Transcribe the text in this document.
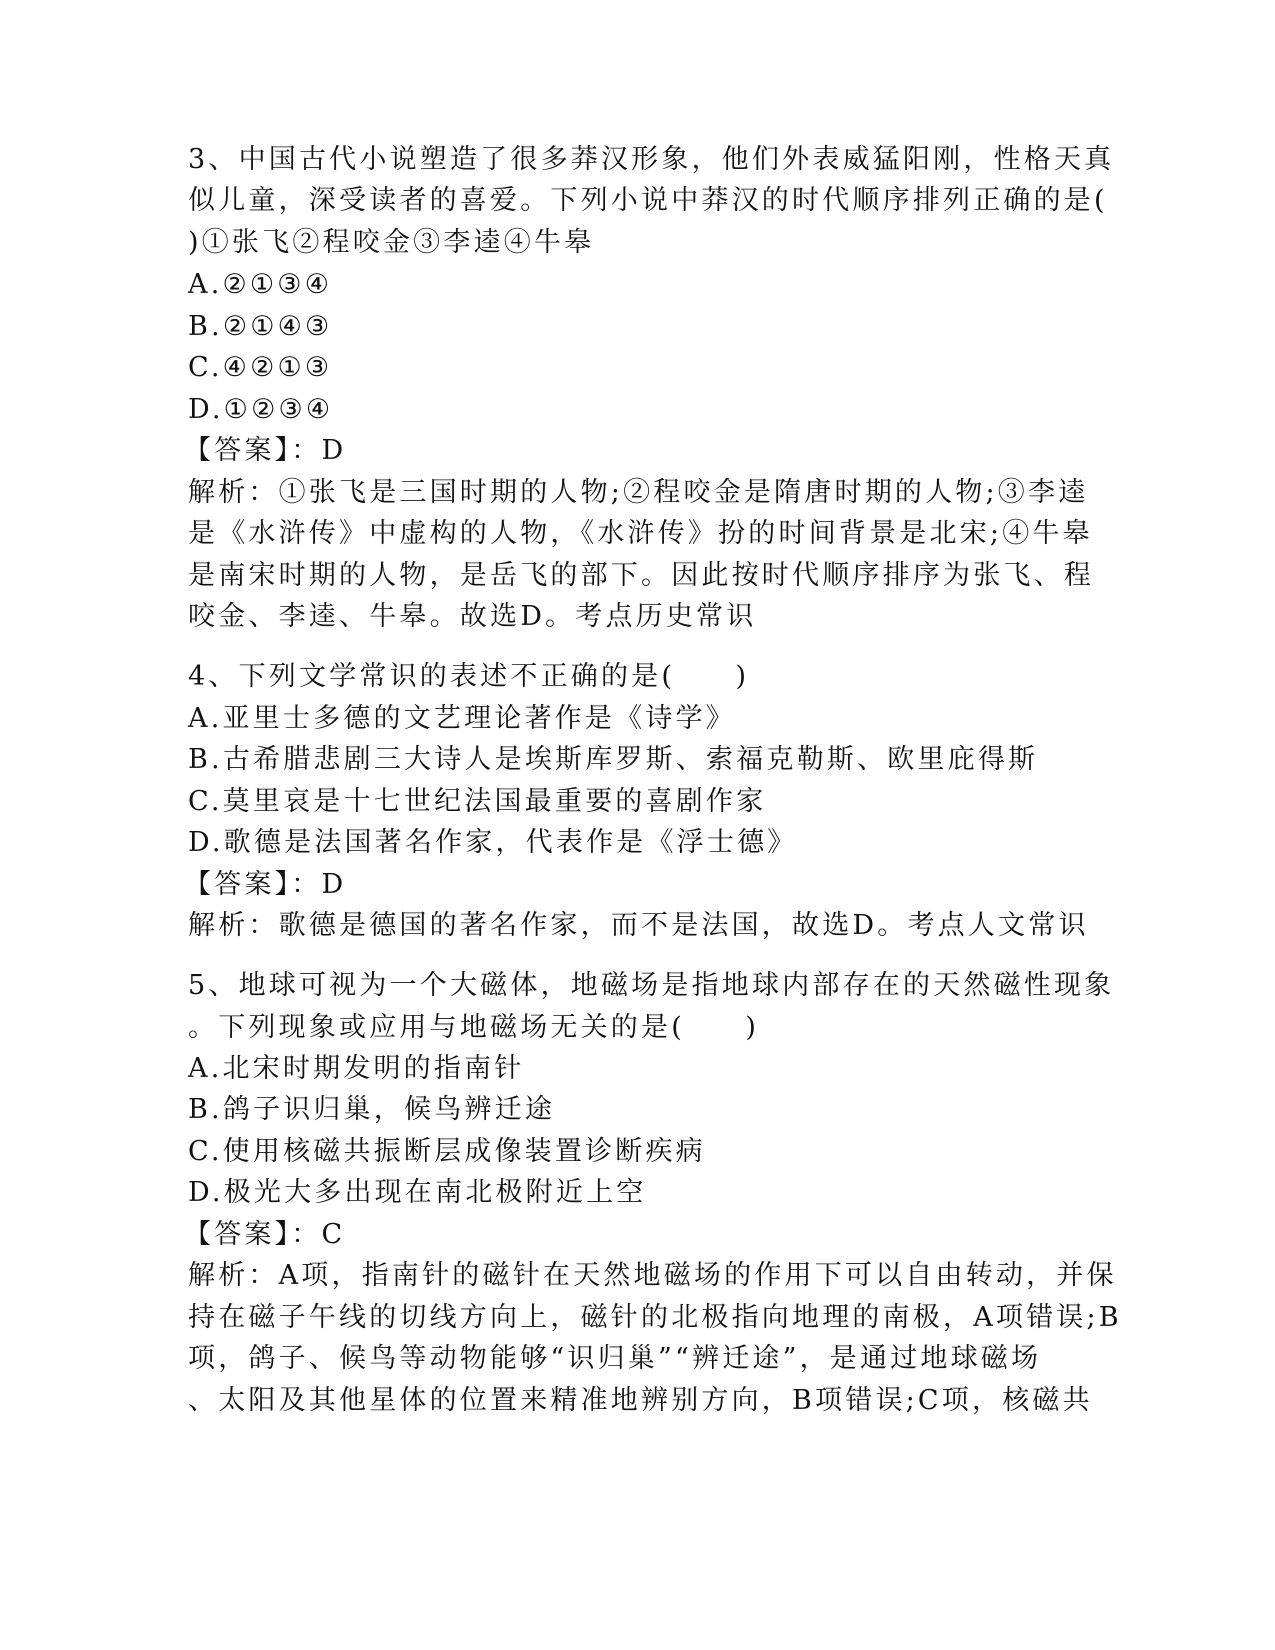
3、中国古代小说塑造了很多莽汉形象，他们外表威猛阳刚，性格天真
似儿童，深受读者的喜爱。下列小说中莽汉的时代顺序排列正确的是(
)①张飞②程咬金③李逵④牛皋
A.②①③④
B.②①④③
C.④②①③
D.①②③④
【答案】：D
解析：①张飞是三国时期的人物;②程咬金是隋唐时期的人物;③李逵
是《水浒传》中虚构的人物，《水浒传》扮的时间背景是北宋;④牛皋
是南宋时期的人物，是岳飞的部下。因此按时代顺序排序为张飞、程
咬金、李逵、牛皋。故选D。考点历史常识
4、下列文学常识的表述不正确的是(　　)
A.亚里士多德的文艺理论著作是《诗学》
B.古希腊悲剧三大诗人是埃斯库罗斯、索福克勒斯、欧里庇得斯
C.莫里哀是十七世纪法国最重要的喜剧作家
D.歌德是法国著名作家，代表作是《浮士德》
【答案】：D
解析：歌德是德国的著名作家，而不是法国，故选D。考点人文常识
5、地球可视为一个大磁体，地磁场是指地球内部存在的天然磁性现象
。下列现象或应用与地磁场无关的是(　　)
A.北宋时期发明的指南针
B.鸽子识归巢，候鸟辨迁途
C.使用核磁共振断层成像装置诊断疾病
D.极光大多出现在南北极附近上空
【答案】：C
解析：A项，指南针的磁针在天然地磁场的作用下可以自由转动，并保
持在磁子午线的切线方向上，磁针的北极指向地理的南极，A项错误;B
项，鸽子、候鸟等动物能够“识归巢”“辨迁途”，是通过地球磁场
、太阳及其他星体的位置来精准地辨别方向，B项错误;C项，核磁共
